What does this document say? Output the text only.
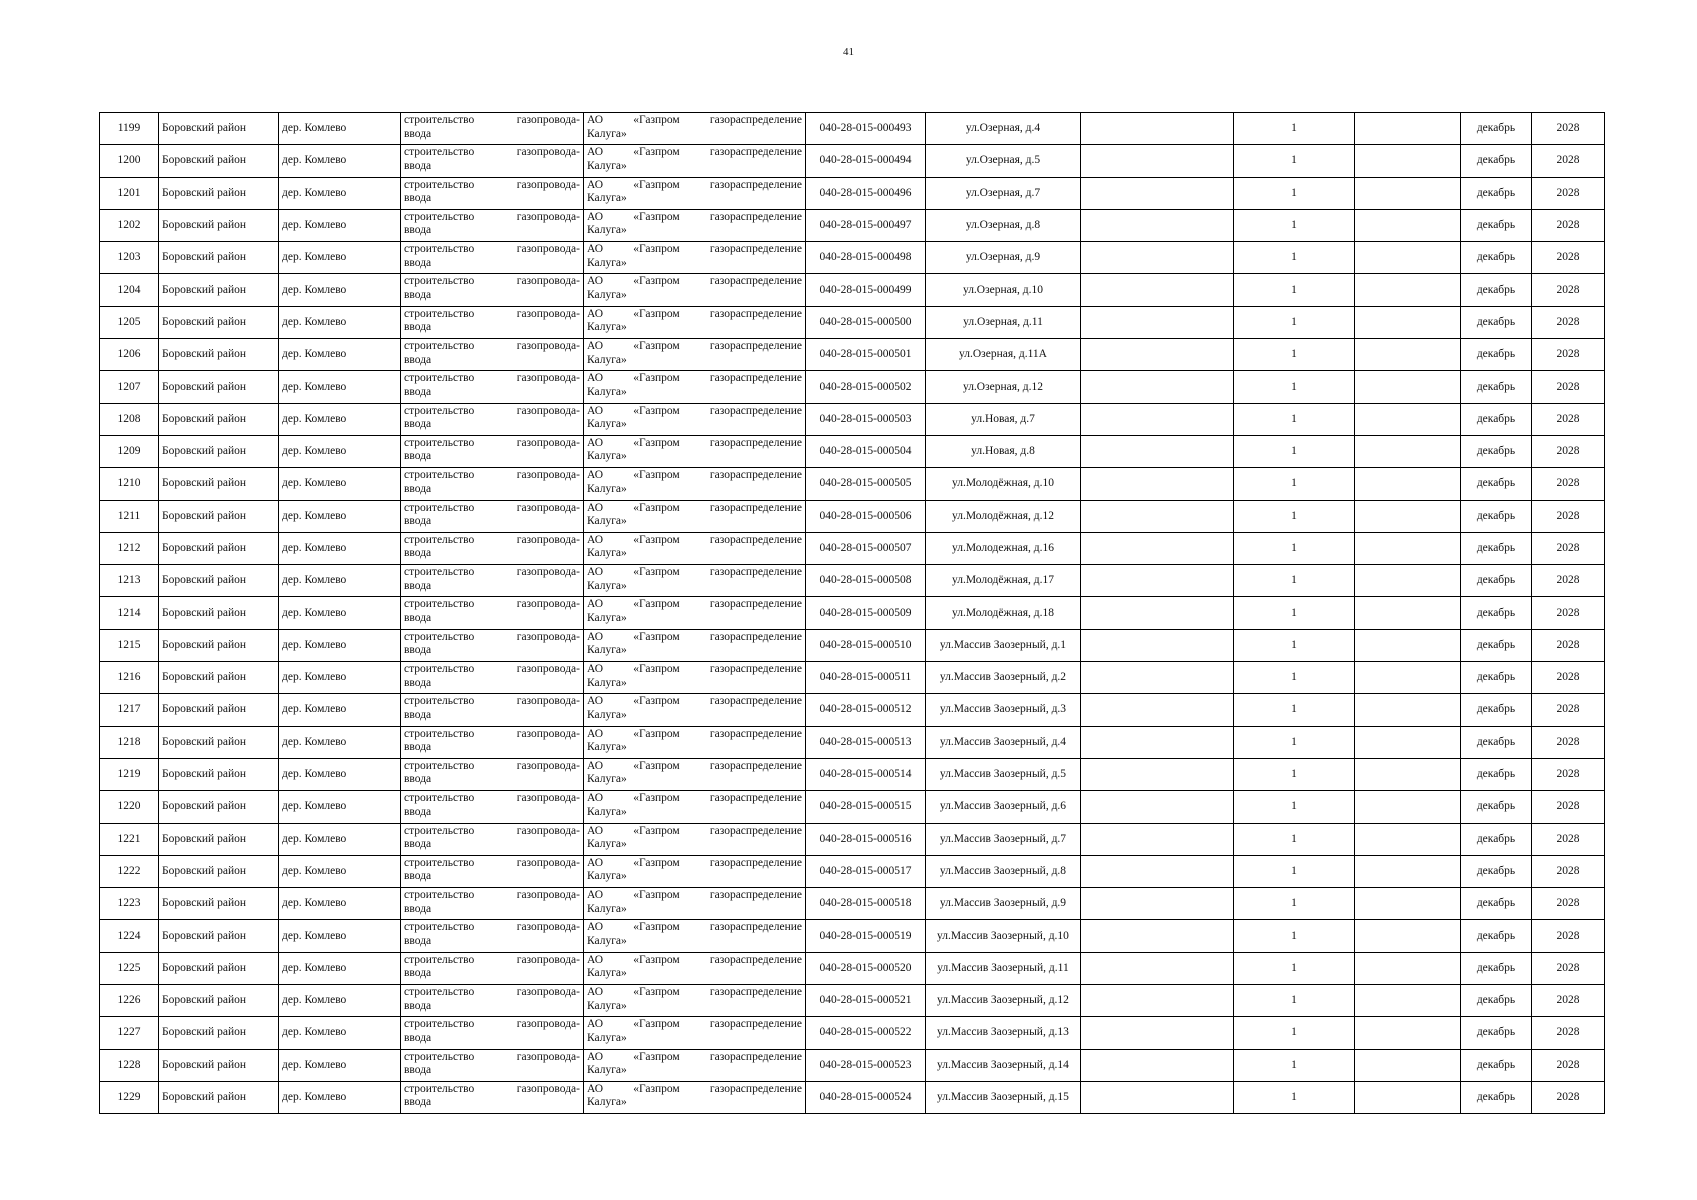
41
1199	Боровский район	дер. Комлево	строительство газопровода-
ввода	АО «Газпром газораспределение
Калуга»	040-28-015-000493	ул.Озерная, д.4		1		декабрь	2028
1200	Боровский район	дер. Комлево	строительство газопровода-
ввода	АО «Газпром газораспределение
Калуга»	040-28-015-000494	ул.Озерная, д.5		1		декабрь	2028
1201	Боровский район	дер. Комлево	строительство газопровода-
ввода	АО «Газпром газораспределение
Калуга»	040-28-015-000496	ул.Озерная, д.7		1		декабрь	2028
1202	Боровский район	дер. Комлево	строительство газопровода-
ввода	АО «Газпром газораспределение
Калуга»	040-28-015-000497	ул.Озерная, д.8		1		декабрь	2028
1203	Боровский район	дер. Комлево	строительство газопровода-
ввода	АО «Газпром газораспределение
Калуга»	040-28-015-000498	ул.Озерная, д.9		1		декабрь	2028
1204	Боровский район	дер. Комлево	строительство газопровода-
ввода	АО «Газпром газораспределение
Калуга»	040-28-015-000499	ул.Озерная, д.10		1		декабрь	2028
1205	Боровский район	дер. Комлево	строительство газопровода-
ввода	АО «Газпром газораспределение
Калуга»	040-28-015-000500	ул.Озерная, д.11		1		декабрь	2028
1206	Боровский район	дер. Комлево	строительство газопровода-
ввода	АО «Газпром газораспределение
Калуга»	040-28-015-000501	ул.Озерная, д.11А		1		декабрь	2028
1207	Боровский район	дер. Комлево	строительство газопровода-
ввода	АО «Газпром газораспределение
Калуга»	040-28-015-000502	ул.Озерная, д.12		1		декабрь	2028
1208	Боровский район	дер. Комлево	строительство газопровода-
ввода	АО «Газпром газораспределение
Калуга»	040-28-015-000503	ул.Новая, д.7		1		декабрь	2028
1209	Боровский район	дер. Комлево	строительство газопровода-
ввода	АО «Газпром газораспределение
Калуга»	040-28-015-000504	ул.Новая, д.8		1		декабрь	2028
1210	Боровский район	дер. Комлево	строительство газопровода-
ввода	АО «Газпром газораспределение
Калуга»	040-28-015-000505	ул.Молодёжная, д.10		1		декабрь	2028
1211	Боровский район	дер. Комлево	строительство газопровода-
ввода	АО «Газпром газораспределение
Калуга»	040-28-015-000506	ул.Молодёжная, д.12		1		декабрь	2028
1212	Боровский район	дер. Комлево	строительство газопровода-
ввода	АО «Газпром газораспределение
Калуга»	040-28-015-000507	ул.Молодежная, д.16		1		декабрь	2028
1213	Боровский район	дер. Комлево	строительство газопровода-
ввода	АО «Газпром газораспределение
Калуга»	040-28-015-000508	ул.Молодёжная, д.17		1		декабрь	2028
1214	Боровский район	дер. Комлево	строительство газопровода-
ввода	АО «Газпром газораспределение
Калуга»	040-28-015-000509	ул.Молодёжная, д.18		1		декабрь	2028
1215	Боровский район	дер. Комлево	строительство газопровода-
ввода	АО «Газпром газораспределение
Калуга»	040-28-015-000510	ул.Массив Заозерный, д.1		1		декабрь	2028
1216	Боровский район	дер. Комлево	строительство газопровода-
ввода	АО «Газпром газораспределение
Калуга»	040-28-015-000511	ул.Массив Заозерный, д.2		1		декабрь	2028
1217	Боровский район	дер. Комлево	строительство газопровода-
ввода	АО «Газпром газораспределение
Калуга»	040-28-015-000512	ул.Массив Заозерный, д.3		1		декабрь	2028
1218	Боровский район	дер. Комлево	строительство газопровода-
ввода	АО «Газпром газораспределение
Калуга»	040-28-015-000513	ул.Массив Заозерный, д.4		1		декабрь	2028
1219	Боровский район	дер. Комлево	строительство газопровода-
ввода	АО «Газпром газораспределение
Калуга»	040-28-015-000514	ул.Массив Заозерный, д.5		1		декабрь	2028
1220	Боровский район	дер. Комлево	строительство газопровода-
ввода	АО «Газпром газораспределение
Калуга»	040-28-015-000515	ул.Массив Заозерный, д.6		1		декабрь	2028
1221	Боровский район	дер. Комлево	строительство газопровода-
ввода	АО «Газпром газораспределение
Калуга»	040-28-015-000516	ул.Массив Заозерный, д.7		1		декабрь	2028
1222	Боровский район	дер. Комлево	строительство газопровода-
ввода	АО «Газпром газораспределение
Калуга»	040-28-015-000517	ул.Массив Заозерный, д.8		1		декабрь	2028
1223	Боровский район	дер. Комлево	строительство газопровода-
ввода	АО «Газпром газораспределение
Калуга»	040-28-015-000518	ул.Массив Заозерный, д.9		1		декабрь	2028
1224	Боровский район	дер. Комлево	строительство газопровода-
ввода	АО «Газпром газораспределение
Калуга»	040-28-015-000519	ул.Массив Заозерный, д.10		1		декабрь	2028
1225	Боровский район	дер. Комлево	строительство газопровода-
ввода	АО «Газпром газораспределение
Калуга»	040-28-015-000520	ул.Массив Заозерный, д.11		1		декабрь	2028
1226	Боровский район	дер. Комлево	строительство газопровода-
ввода	АО «Газпром газораспределение
Калуга»	040-28-015-000521	ул.Массив Заозерный, д.12		1		декабрь	2028
1227	Боровский район	дер. Комлево	строительство газопровода-
ввода	АО «Газпром газораспределение
Калуга»	040-28-015-000522	ул.Массив Заозерный, д.13		1		декабрь	2028
1228	Боровский район	дер. Комлево	строительство газопровода-
ввода	АО «Газпром газораспределение
Калуга»	040-28-015-000523	ул.Массив Заозерный, д.14		1		декабрь	2028
1229	Боровский район	дер. Комлево	строительство газопровода-
ввода	АО «Газпром газораспределение
Калуга»	040-28-015-000524	ул.Массив Заозерный, д.15		1		декабрь	2028
